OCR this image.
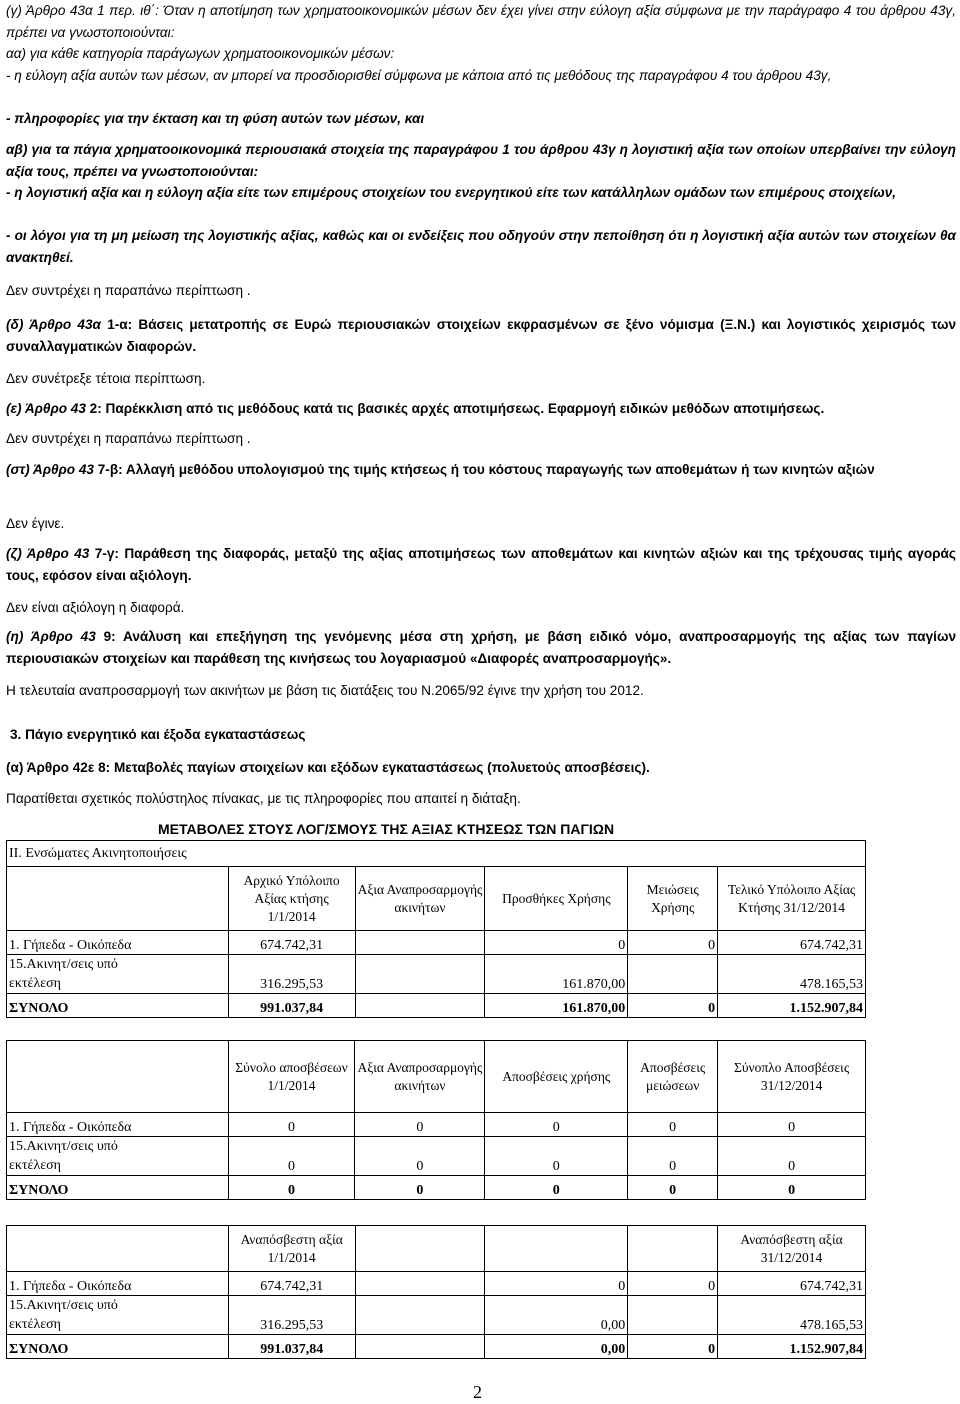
(γ) Άρθρο 43α 1 περ. ιθ΄: Όταν η αποτίμηση των χρηματοοικονομικών μέσων δεν έχει γίνει στην εύλογη αξία σύμφωνα με την παράγραφο 4 του άρθρου 43γ, πρέπει να γνωστοποιούνται:

αα) για κάθε κατηγορία παράγωγων χρηματοοικονομικών μέσων:

- η εύλογη αξία αυτών των μέσων, αν μπορεί να προσδιορισθεί σύμφωνα με κάποια από τις μεθόδους της παραγράφου 4 του άρθρου 43γ,

- πληροφορίες για την έκταση και τη φύση αυτών των μέσων, και

αβ) για τα πάγια χρηματοοικονομικά περιουσιακά στοιχεία της παραγράφου 1 του άρθρου 43γ η λογιστική αξία των οποίων υπερβαίνει την εύλογη αξία τους, πρέπει να γνωστοποιούνται:

- η λογιστική αξία και η εύλογη αξία είτε των επιμέρους στοιχείων του ενεργητικού είτε των κατάλληλων ομάδων των επιμέρους στοιχείων,

- οι λόγοι για τη μη μείωση της λογιστικής αξίας, καθώς και οι ενδείξεις που οδηγούν στην πεποίθηση ότι η λογιστική αξία αυτών των στοιχείων θα ανακτηθεί.

Δεν συντρέχει η παραπάνω περίπτωση .

(δ) Άρθρο 43α 1-α: Βάσεις μετατροπής σε Ευρώ περιουσιακών στοιχείων εκφρασμένων σε ξένο νόμισμα (Ξ.Ν.) και λογιστικός χειρισμός των συναλλαγματικών διαφορών.

Δεν συνέτρεξε τέτοια περίπτωση.

(ε) Άρθρο 43 2: Παρέκκλιση από τις μεθόδους κατά τις βασικές αρχές αποτιμήσεως. Εφαρμογή ειδικών μεθόδων αποτιμήσεως.

Δεν συντρέχει η παραπάνω περίπτωση .

(στ) Άρθρο 43 7-β: Αλλαγή μεθόδου υπολογισμού της τιμής κτήσεως ή του κόστους παραγωγής των αποθεμάτων ή των κινητών αξιών

Δεν έγινε.

(ζ) Άρθρο 43 7-γ: Παράθεση της διαφοράς, μεταξύ της αξίας αποτιμήσεως των αποθεμάτων και κινητών αξιών και της τρέχουσας τιμής αγοράς τους, εφόσον είναι αξιόλογη.

Δεν είναι αξιόλογη η διαφορά.

(η) Άρθρο 43 9: Ανάλυση και επεξήγηση της γενόμενης μέσα στη χρήση, με βάση ειδικό νόμο, αναπροσαρμογής της αξίας των παγίων περιουσιακών στοιχείων και παράθεση της κινήσεως του λογαριασμού «Διαφορές αναπροσαρμογής».

Η τελευταία αναπροσαρμογή των ακινήτων με βάση τις διατάξεις του Ν.2065/92 έγινε την χρήση του 2012.

3. Πάγιο ενεργητικό και έξοδα εγκαταστάσεως

(α) Άρθρο 42ε 8: Μεταβολές παγίων στοιχείων και εξόδων εγκαταστάσεως (πολυετούς αποσβέσεις).

Παρατίθεται σχετικός πολύστηλος πίνακας, με τις πληροφορίες που απαιτεί η διάταξη.

ΜΕΤΑΒΟΛΕΣ ΣΤΟΥΣ ΛΟΓ/ΣΜΟΥΣ ΤΗΣ ΑΞΙΑΣ ΚΤΗΣΕΩΣ ΤΩΝ ΠΑΓΙΩΝ
ΙΙ. Ενσώματες Ακινητοποιήσεις					
	Αρχικό Υπόλοιπο Αξίας κτήσης 1/1/2014	Αξια Αναπροσαρμογής ακινήτων	Προσθήκες Χρήσης	Μειώσεις Χρήσης	Τελικό Υπόλοιπο Αξίας Κτήσης 31/12/2014
1. Γήπεδα - Οικόπεδα	674.742,31		0	0	674.742,31
15.Ακινητ/σεις υπό
εκτέλεση	316.295,53		161.870,00		478.165,53
ΣΥΝΟΛΟ	991.037,84		161.870,00	0	1.152.907,84
	Σύνολο αποσβέσεων 1/1/2014	Αξια Αναπροσαρμογής ακινήτων	Αποσβέσεις χρήσης	Αποσβέσεις μειώσεων	Σύνοπλο Αποσβέσεις 31/12/2014
1. Γήπεδα - Οικόπεδα	0	0	0	0	0
15.Ακινητ/σεις υπό
εκτέλεση	0	0	0	0	0
ΣΥΝΟΛΟ	0	0	0	0	0
	Αναπόσβεστη αξία 1/1/2014				Αναπόσβεστη αξία 31/12/2014
1. Γήπεδα - Οικόπεδα	674.742,31		0	0	674.742,31
15.Ακινητ/σεις υπό
εκτέλεση	316.295,53		0,00		478.165,53
ΣΥΝΟΛΟ	991.037,84		0,00	0	1.152.907,84
2
